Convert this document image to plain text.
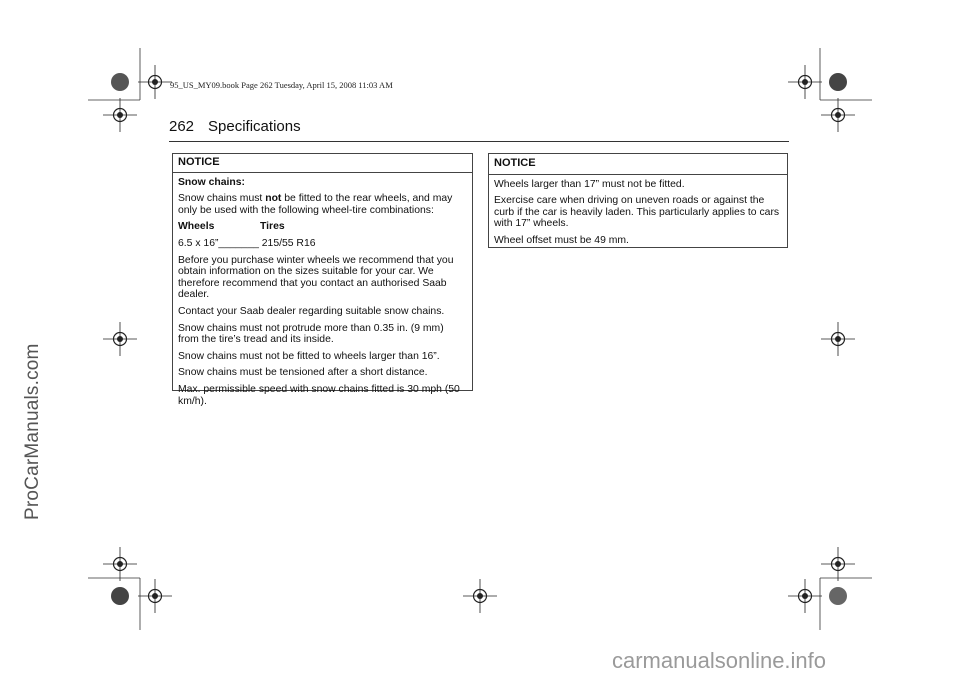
95_US_MY09.book Page 262 Tuesday, April 15, 2008 11:03 AM
262 Specifications
NOTICE

Snow chains:

Snow chains must not be fitted to the rear wheels, and may only be used with the following wheel-tire combinations:

Wheels	Tires

6.5 x 16”_______ 215/55 R16

Before you purchase winter wheels we recommend that you obtain information on the sizes suitable for your car. We therefore recommend that you contact an authorised Saab dealer.

Contact your Saab dealer regarding suitable snow chains.

Snow chains must not protrude more than 0.35 in. (9 mm) from the tire’s tread and its inside.

Snow chains must not be fitted to wheels larger than 16”.

Snow chains must be tensioned after a short distance.

Max. permissible speed with snow chains fitted is 30 mph (50 km/h).

NOTICE

Wheels larger than 17” must not be fitted.

Exercise care when driving on uneven roads or against the curb if the car is heavily laden. This particularly applies to cars with 17” wheels.

Wheel offset must be 49 mm.

ProCarManuals.com
carmanualsonline.info
